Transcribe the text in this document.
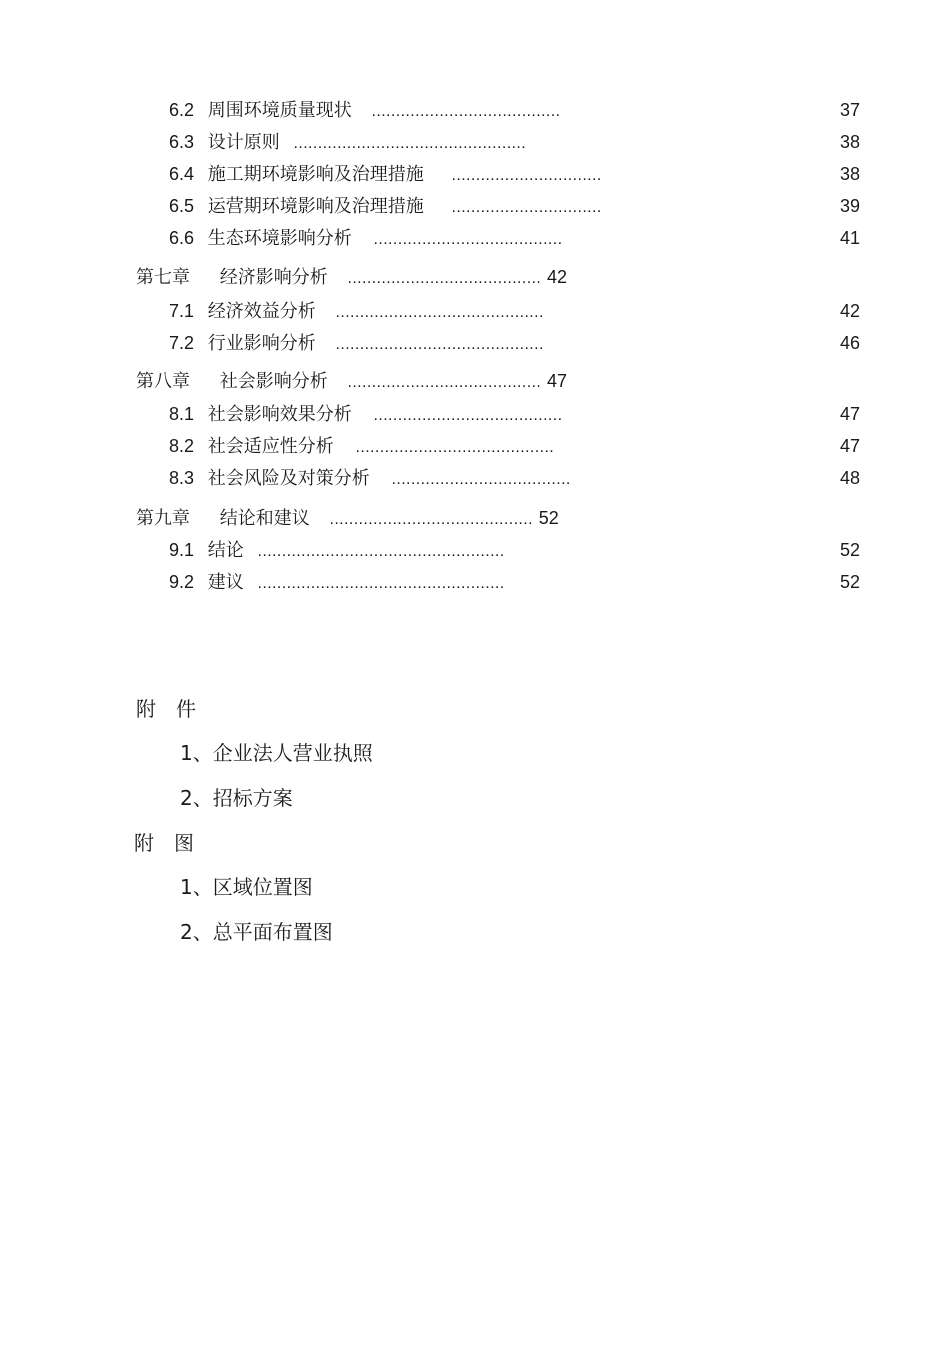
6.2 周围环境质量现状 .......................................	37
6.3 设计原则 ................................................	38
6.4 施工期环境影响及治理措施 ...............................	38
6.5 运营期环境影响及治理措施 ...............................	39
6.6 生态环境影响分析 .......................................	41
第七章 经济影响分析 ........................................ 42
7.1 经济效益分析 ...........................................	42
7.2 行业影响分析 ...........................................	46
第八章 社会影响分析 ........................................ 47
8.1 社会影响效果分析 .......................................	47
8.2 社会适应性分析 .........................................	47
8.3 社会风险及对策分析 .....................................	48
第九章 结论和建议 .......................................... 52
9.1 结论 ...................................................	52
9.2 建议 ...................................................	52
附　件
1、企业法人营业执照
2、招标方案
附　图
1、区域位置图
2、总平面布置图
